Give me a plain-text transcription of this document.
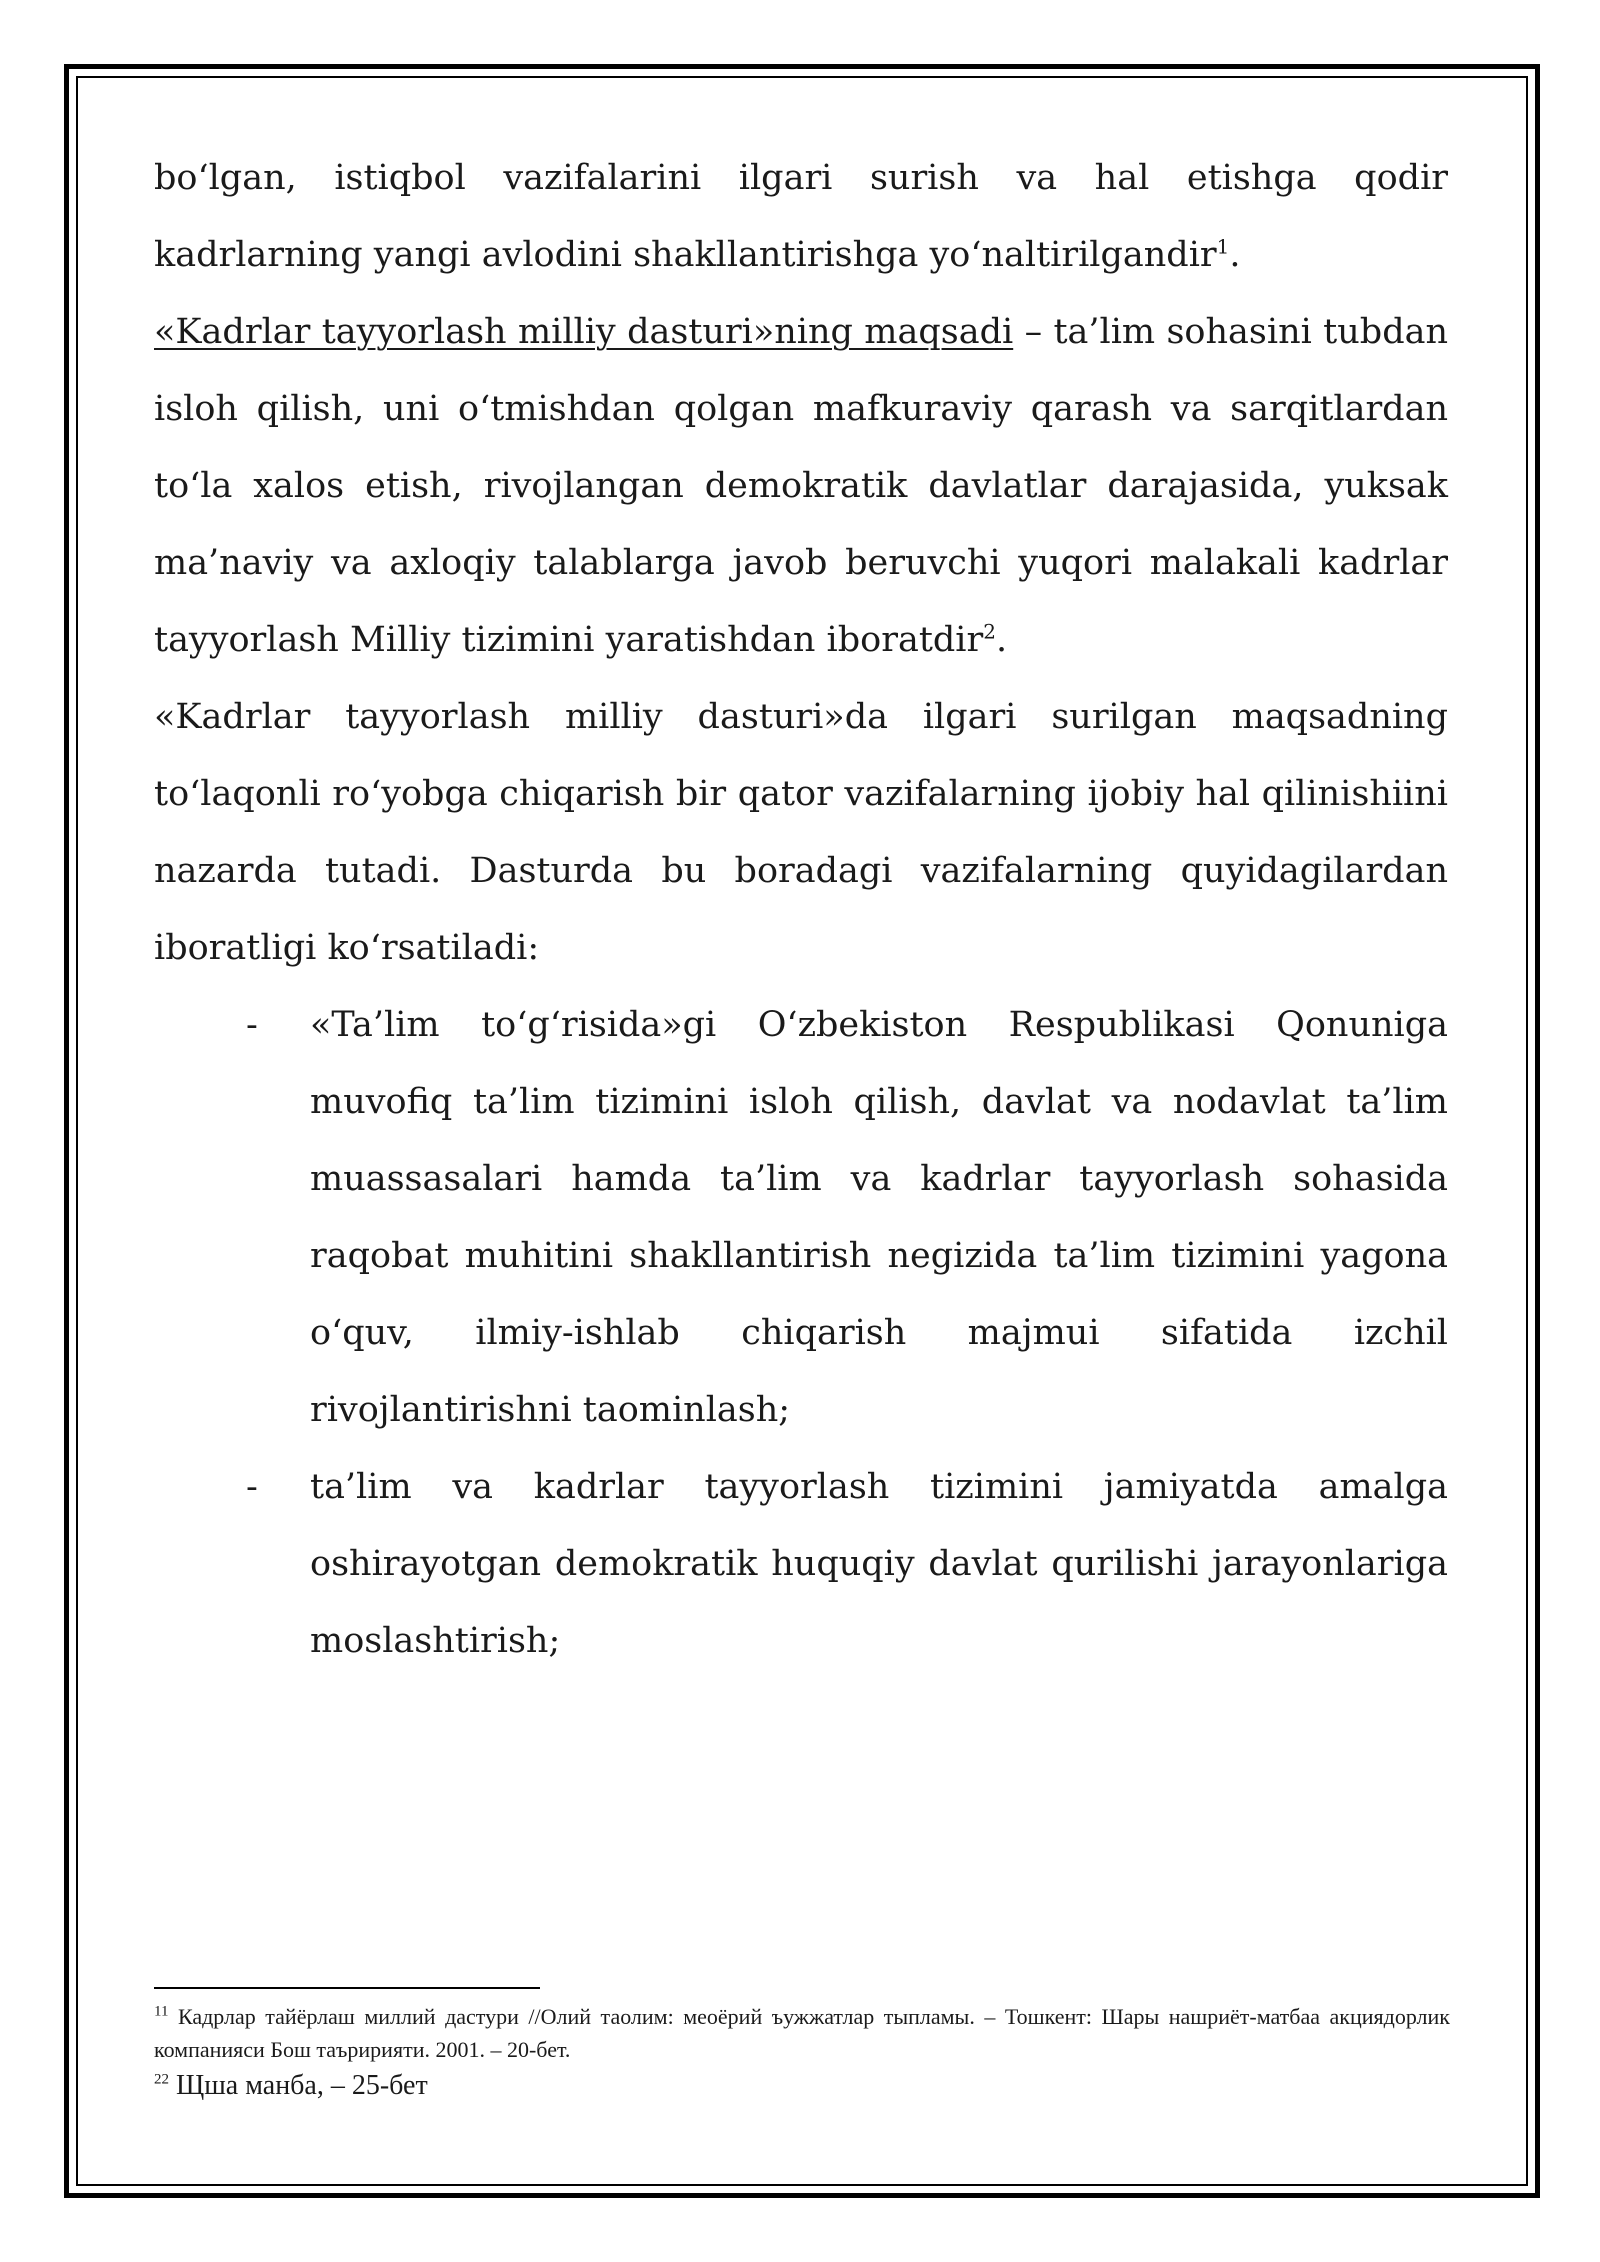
bo‘lgan, istiqbol vazifalarini ilgari surish va hal etishga qodir kadrlarning yangi avlodini shakllantirishga yo‘naltirilgandir$^1$.

«Kadrlar tayyorlash milliy dasturi»ning maqsadi – ta’lim sohasini tubdan isloh qilish, uni o‘tmishdan qolgan mafkuraviy qarash va sarqitlardan to‘la xalos etish, rivojlangan demokratik davlatlar darajasida, yuksak ma’naviy va axloqiy talablarga javob beruvchi yuqori malakali kadrlar tayyorlash Milliy tizimini yaratishdan iboratdir$^2$.

«Kadrlar tayyorlash milliy dasturi»da ilgari surilgan maqsadning to‘laqonli ro‘yobga chiqarish bir qator vazifalarning ijobiy hal qilinishiini nazarda tutadi. Dasturda bu boradagi vazifalarning quyidagilardan iboratligi ko‘rsatiladi:

- «Ta’lim to‘g‘risida»gi O‘zbekiston Respublikasi Qonuniga muvofiq ta’lim tizimini isloh qilish, davlat va nodavlat ta’lim muassasalari hamda ta’lim va kadrlar tayyorlash sohasida raqobat muhitini shakllantirish negizida ta’lim tizimini yagona o‘quv, ilmiy-ishlab chiqarish majmui sifatida izchil rivojlantirishni taominlash;
- ta’lim va kadrlar tayyorlash tizimini jamiyatda amalga oshirayotgan demokratik huquqiy davlat qurilishi jarayonlariga moslashtirish;

$^{11}$ Кадрлар тайёрлаш миллий дастури //Олий таолим: меоёрий ъужжатлар тыпламы. – Тошкент: Шары нашриёт-матбаа акциядорлик компанияси Бош таъририяти. 2001. – 20-бет.

$^{22}$ Щша манба, – 25-бет
